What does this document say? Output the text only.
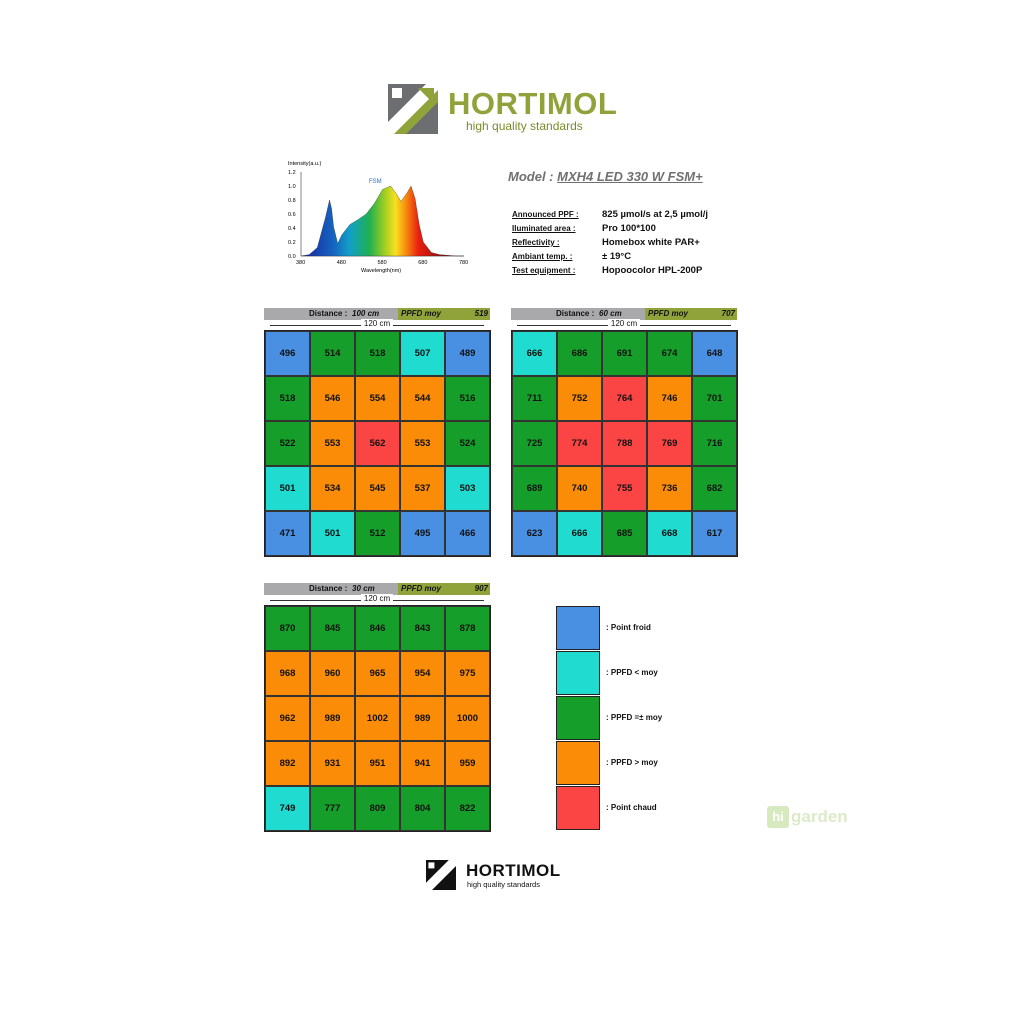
HORTIMOL
high quality standards
Intensity(a.u.)
1.2
1.0
0.8
0.6
0.4
0.2
0.0
380	480	580	680	780
FSM
Wavelength(nm)
Model : MXH4 LED 330 W FSM+
Announced PPF : 825 µmol/s at 2,5 µmol/j
Iluminated area :	Pro 100*100
Reflectivity :	Homebox white PAR+
Ambiant temp. :	± 19°C
Test equipment :	Hopoocolor HPL-200P
Distance : 100 cm	PPFD moy	519
120 cm
496	514	518	507	489
518	546	554	544	516
522	553	562	553	524
501	534	545	537	503
471	501	512	495	466
Distance : 60 cm	PPFD moy	707
120 cm
666	686	691	674	648
711	752	764	746	701
725	774	788	769	716
689	740	755	736	682
623	666	685	668	617
Distance : 30 cm	PPFD moy	907
120 cm
870	845	846	843	878
968	960	965	954	975
962	989	1002	989	1000
892	931	951	941	959
749	777	809	804	822
: Point froid
: PPFD < moy
: PPFD =± moy
: PPFD > moy
: Point chaud
hi garden
HORTIMOL
high quality standards
